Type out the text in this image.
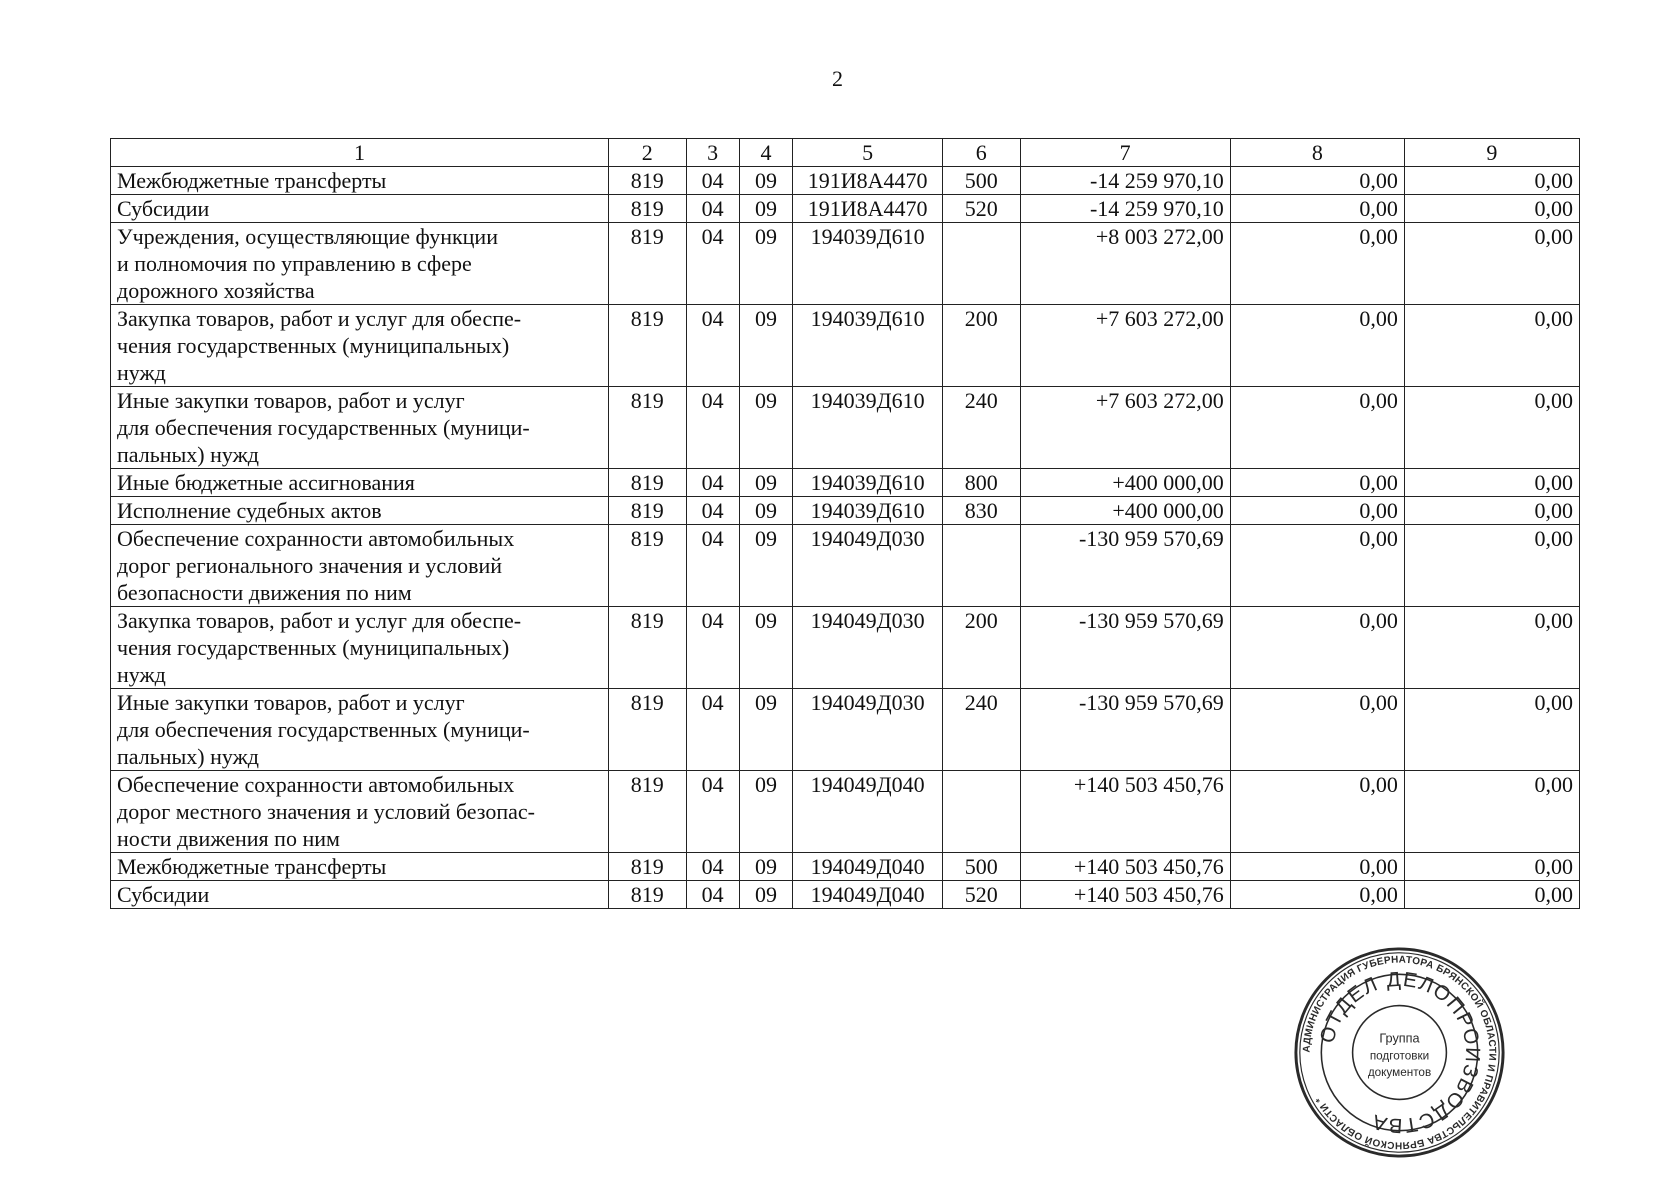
2
1	2	3	4	5	6	7	8	9
Межбюджетные трансферты	819	04	09	191И8А4470	500	-14 259 970,10	0,00	0,00
Субсидии	819	04	09	191И8А4470	520	-14 259 970,10	0,00	0,00
Учреждения, осуществляющие функции
и полномочия по управлению в сфере
дорожного хозяйства	819	04	09	194039Д610		+8 003 272,00	0,00	0,00
Закупка товаров, работ и услуг для обеспе-
чения государственных (муниципальных)
нужд	819	04	09	194039Д610	200	+7 603 272,00	0,00	0,00
Иные закупки товаров, работ и услуг
для обеспечения государственных (муници-
пальных) нужд	819	04	09	194039Д610	240	+7 603 272,00	0,00	0,00
Иные бюджетные ассигнования	819	04	09	194039Д610	800	+400 000,00	0,00	0,00
Исполнение судебных актов	819	04	09	194039Д610	830	+400 000,00	0,00	0,00
Обеспечение сохранности автомобильных
дорог регионального значения и условий
безопасности движения по ним	819	04	09	194049Д030		-130 959 570,69	0,00	0,00
Закупка товаров, работ и услуг для обеспе-
чения государственных (муниципальных)
нужд	819	04	09	194049Д030	200	-130 959 570,69	0,00	0,00
Иные закупки товаров, работ и услуг
для обеспечения государственных (муници-
пальных) нужд	819	04	09	194049Д030	240	-130 959 570,69	0,00	0,00
Обеспечение сохранности автомобильных
дорог местного значения и условий безопас-
ности движения по ним	819	04	09	194049Д040		+140 503 450,76	0,00	0,00
Межбюджетные трансферты	819	04	09	194049Д040	500	+140 503 450,76	0,00	0,00
Субсидии	819	04	09	194049Д040	520	+140 503 450,76	0,00	0,00
АДМИНИСТРАЦИЯ ГУБЕРНАТОРА БРЯНСКОЙ ОБЛАСТИ И ПРАВИТЕЛЬСТВА БРЯНСКОЙ ОБЛАСТИ *
ОТДЕЛ ДЕЛОПРОИЗВОДСТВА
Группа
подготовки
документов
